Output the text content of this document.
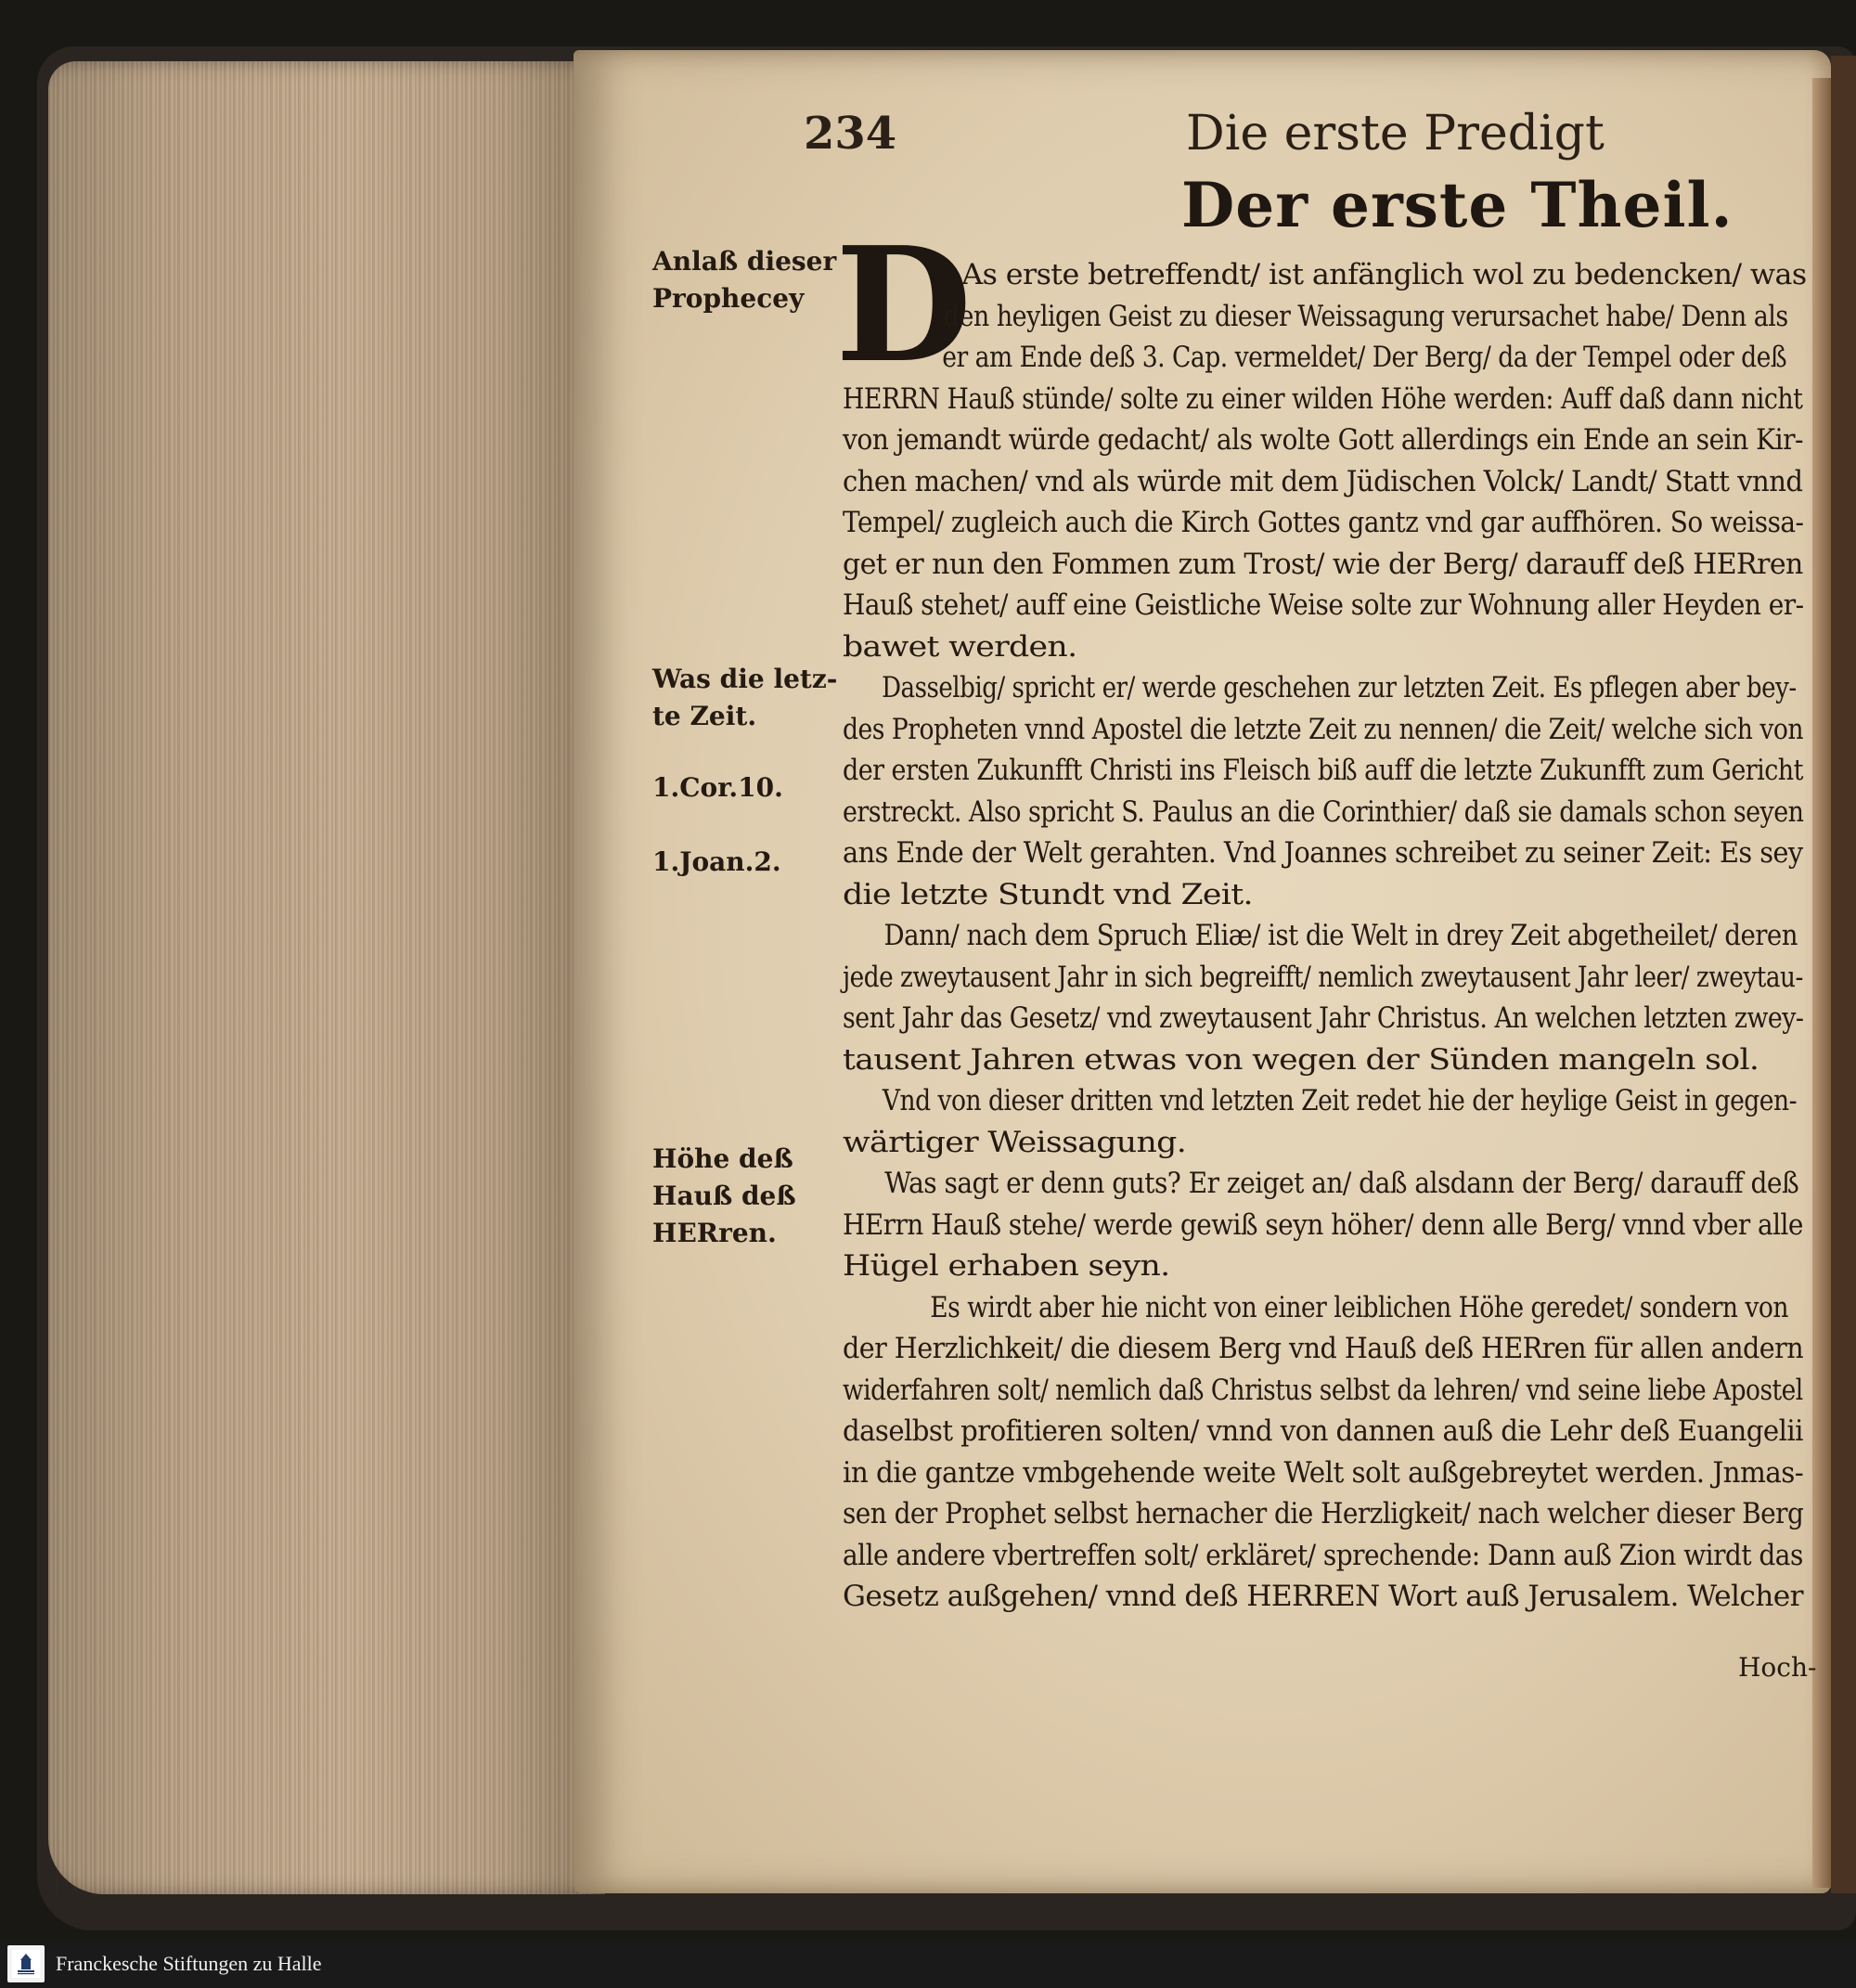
234	Die erste Predigt
Der erste Theil.
Anlaß dieser
Prophecey
Was die letz-
te Zeit.
1.Cor.10.
1.Joan.2.
Höhe deß
Hauß deß
HERren.
D
As erste betreffendt/ ist anfänglich wol zu bedencken/ was
den heyligen Geist zu dieser Weissagung verursachet habe/ Denn als
er am Ende deß 3. Cap. vermeldet/ Der Berg/ da der Tempel oder deß
HERRN Hauß stünde/ solte zu einer wilden Höhe werden: Auff daß dann nicht
von jemandt würde gedacht/ als wolte Gott allerdings ein Ende an sein Kir-
chen machen/ vnd als würde mit dem Jüdischen Volck/ Landt/ Statt vnnd
Tempel/ zugleich auch die Kirch Gottes gantz vnd gar auffhören. So weissa-
get er nun den Fommen zum Trost/ wie der Berg/ darauff deß HERren
Hauß stehet/ auff eine Geistliche Weise solte zur Wohnung aller Heyden er-
bawet werden.
Dasselbig/ spricht er/ werde geschehen zur letzten Zeit. Es pflegen aber bey-
des Propheten vnnd Apostel die letzte Zeit zu nennen/ die Zeit/ welche sich von
der ersten Zukunfft Christi ins Fleisch biß auff die letzte Zukunfft zum Gericht
erstreckt. Also spricht S. Paulus an die Corinthier/ daß sie damals schon seyen
ans Ende der Welt gerahten. Vnd Joannes schreibet zu seiner Zeit: Es sey
die letzte Stundt vnd Zeit.
Dann/ nach dem Spruch Eliæ/ ist die Welt in drey Zeit abgetheilet/ deren
jede zweytausent Jahr in sich begreifft/ nemlich zweytausent Jahr leer/ zweytau-
sent Jahr das Gesetz/ vnd zweytausent Jahr Christus. An welchen letzten zwey-
tausent Jahren etwas von wegen der Sünden mangeln sol.
Vnd von dieser dritten vnd letzten Zeit redet hie der heylige Geist in gegen-
wärtiger Weissagung.
Was sagt er denn guts? Er zeiget an/ daß alsdann der Berg/ darauff deß
HErrn Hauß stehe/ werde gewiß seyn höher/ denn alle Berg/ vnnd vber alle
Hügel erhaben seyn.
Es wirdt aber hie nicht von einer leiblichen Höhe geredet/ sondern von
der Herzlichkeit/ die diesem Berg vnd Hauß deß HERren für allen andern
widerfahren solt/ nemlich daß Christus selbst da lehren/ vnd seine liebe Apostel
daselbst profitieren solten/ vnnd von dannen auß die Lehr deß Euangelii
in die gantze vmbgehende weite Welt solt außgebreytet werden. Jnmas-
sen der Prophet selbst hernacher die Herzligkeit/ nach welcher dieser Berg
alle andere vbertreffen solt/ erkläret/ sprechende: Dann auß Zion wirdt das
Gesetz außgehen/ vnnd deß HERREN Wort auß Jerusalem. Welcher
Hoch-
Franckesche Stiftungen zu Halle
